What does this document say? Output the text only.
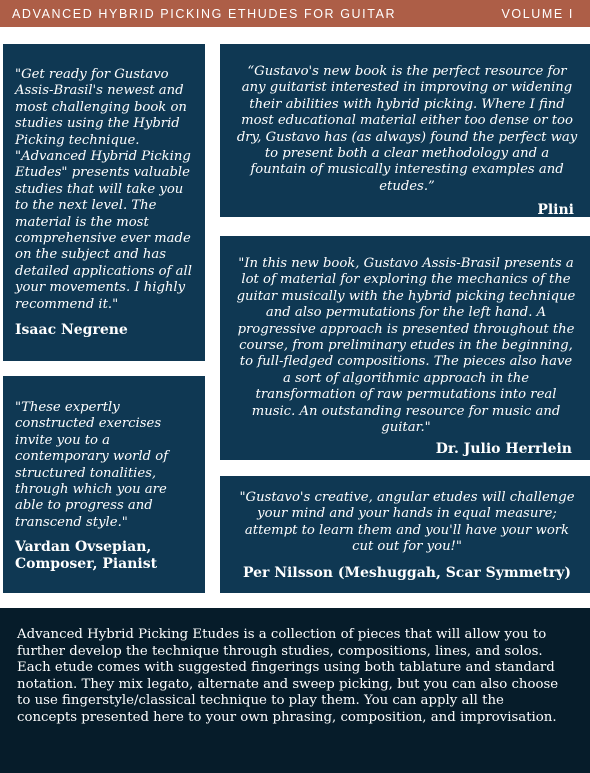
ADVANCED HYBRID PICKING ETHUDES FOR GUITAR	VOLUME I

"Get ready for Gustavo Assis-Brasil's newest and most challenging book on studies using the Hybrid Picking technique. "Advanced Hybrid Picking Etudes" presents valuable studies that will take you to the next level. The material is the most comprehensive ever made on the subject and has detailed applications of all your movements. I highly recommend it."

Isaac Negrene

“Gustavo's new book is the perfect resource for any guitarist interested in improving or widening their abilities with hybrid picking. Where I find most educational material either too dense or too dry, Gustavo has (as always) found the perfect way to present both a clear methodology and a fountain of musically interesting examples and etudes.”

Plini

"In this new book, Gustavo Assis-Brasil presents a lot of material for exploring the mechanics of the guitar musically with the hybrid picking technique and also permutations for the left hand. A progressive approach is presented throughout the course, from preliminary etudes in the beginning, to full-fledged compositions. The pieces also have a sort of algorithmic approach in the transformation of raw permutations into real music. An outstanding resource for music and guitar."

Dr. Julio Herrlein

"These expertly constructed exercises invite you to a contemporary world of structured tonalities, through which you are able to progress and transcend style."

Vardan Ovsepian,
Composer, Pianist

"Gustavo's creative, angular etudes will challenge your mind and your hands in equal measure; attempt to learn them and you'll have your work cut out for you!"

Per Nilsson (Meshuggah, Scar Symmetry)

Advanced Hybrid Picking Etudes is a collection of pieces that will allow you to further develop the technique through studies, compositions, lines, and solos. Each etude comes with suggested fingerings using both tablature and standard notation. They mix legato, alternate and sweep picking, but you can also choose to use fingerstyle/classical technique to play them. You can apply all the concepts presented here to your own phrasing, composition, and improvisation.
